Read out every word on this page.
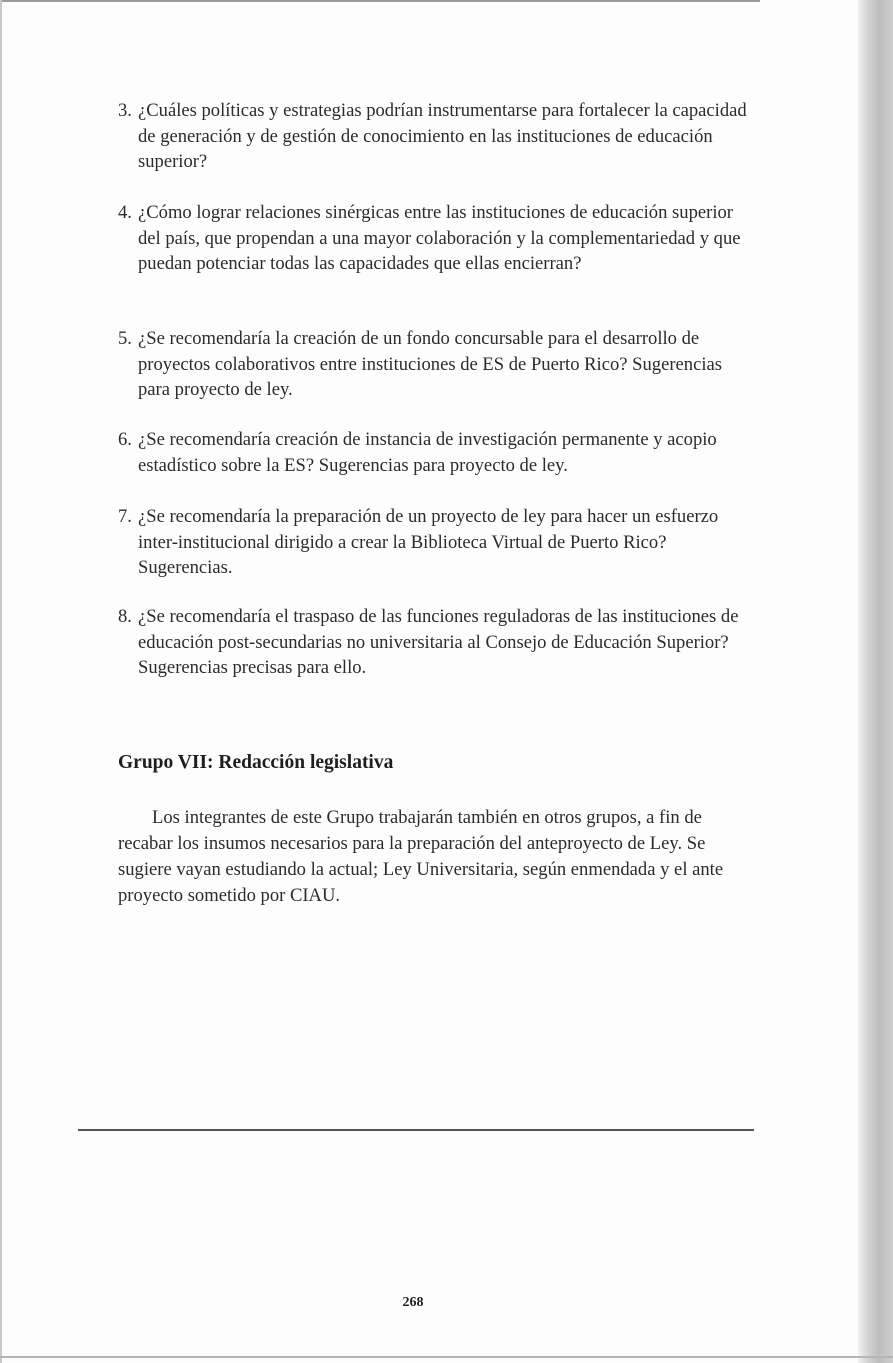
3. ¿Cuáles políticas y estrategias podrían instrumentarse para fortalecer la capacidad de generación y de gestión de conocimiento en las instituciones de educación superior?

4. ¿Cómo lograr relaciones sinérgicas entre las instituciones de educación superior del país, que propendan a una mayor colaboración y la complementariedad y que puedan potenciar todas las capacidades que ellas encierran?

5. ¿Se recomendaría la creación de un fondo concursable para el desarrollo de proyectos colaborativos entre instituciones de ES de Puerto Rico? Sugerencias para proyecto de ley.

6. ¿Se recomendaría creación de instancia de investigación permanente y acopio estadístico sobre la ES? Sugerencias para proyecto de ley.

7. ¿Se recomendaría la preparación de un proyecto de ley para hacer un esfuerzo inter-institucional dirigido a crear la Biblioteca Virtual de Puerto Rico? Sugerencias.

8. ¿Se recomendaría el traspaso de las funciones reguladoras de las instituciones de educación post-secundarias no universitaria al Consejo de Educación Superior? Sugerencias precisas para ello.

Grupo VII: Redacción legislativa

Los integrantes de este Grupo trabajarán también en otros grupos, a fin de recabar los insumos necesarios para la preparación del anteproyecto de Ley. Se sugiere vayan estudiando la actual; Ley Universitaria, según enmendada y el ante proyecto sometido por CIAU.

268
